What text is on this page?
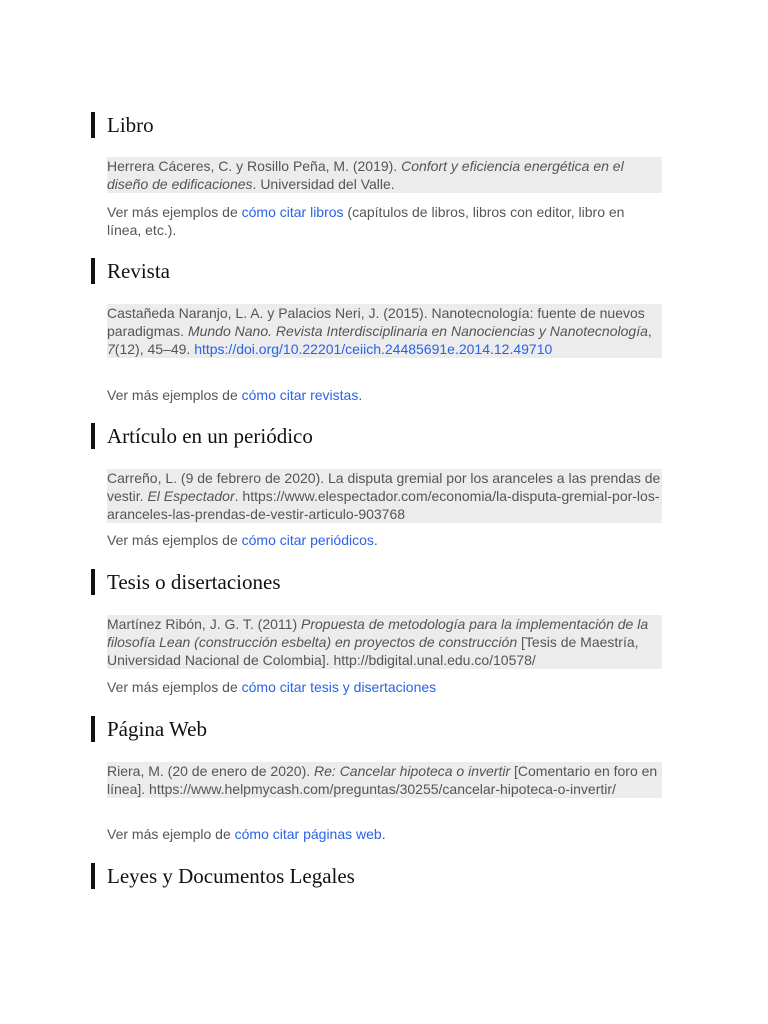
Libro
Herrera Cáceres, C. y Rosillo Peña, M. (2019). Confort y eficiencia energética en el diseño de edificaciones. Universidad del Valle.
Ver más ejemplos de cómo citar libros (capítulos de libros, libros con editor, libro en línea, etc.).
Revista
Castañeda Naranjo, L. A. y Palacios Neri, J. (2015). Nanotecnología: fuente de nuevos paradigmas. Mundo Nano. Revista Interdisciplinaria en Nanociencias y Nanotecnología, 7(12), 45–49. https://doi.org/10.22201/ceiich.24485691e.2014.12.49710
Ver más ejemplos de cómo citar revistas.
Artículo en un periódico
Carreño, L. (9 de febrero de 2020). La disputa gremial por los aranceles a las prendas de vestir. El Espectador. https://www.elespectador.com/economia/la-disputa-gremial-por-los-aranceles-las-prendas-de-vestir-articulo-903768
Ver más ejemplos de cómo citar periódicos.
Tesis o disertaciones
Martínez Ribón, J. G. T. (2011) Propuesta de metodología para la implementación de la filosofía Lean (construcción esbelta) en proyectos de construcción [Tesis de Maestría, Universidad Nacional de Colombia]. http://bdigital.unal.edu.co/10578/
Ver más ejemplos de cómo citar tesis y disertaciones
Página Web
Riera, M. (20 de enero de 2020). Re: Cancelar hipoteca o invertir [Comentario en foro en línea]. https://www.helpmycash.com/preguntas/30255/cancelar-hipoteca-o-invertir/
Ver más ejemplo de cómo citar páginas web.
Leyes y Documentos Legales
